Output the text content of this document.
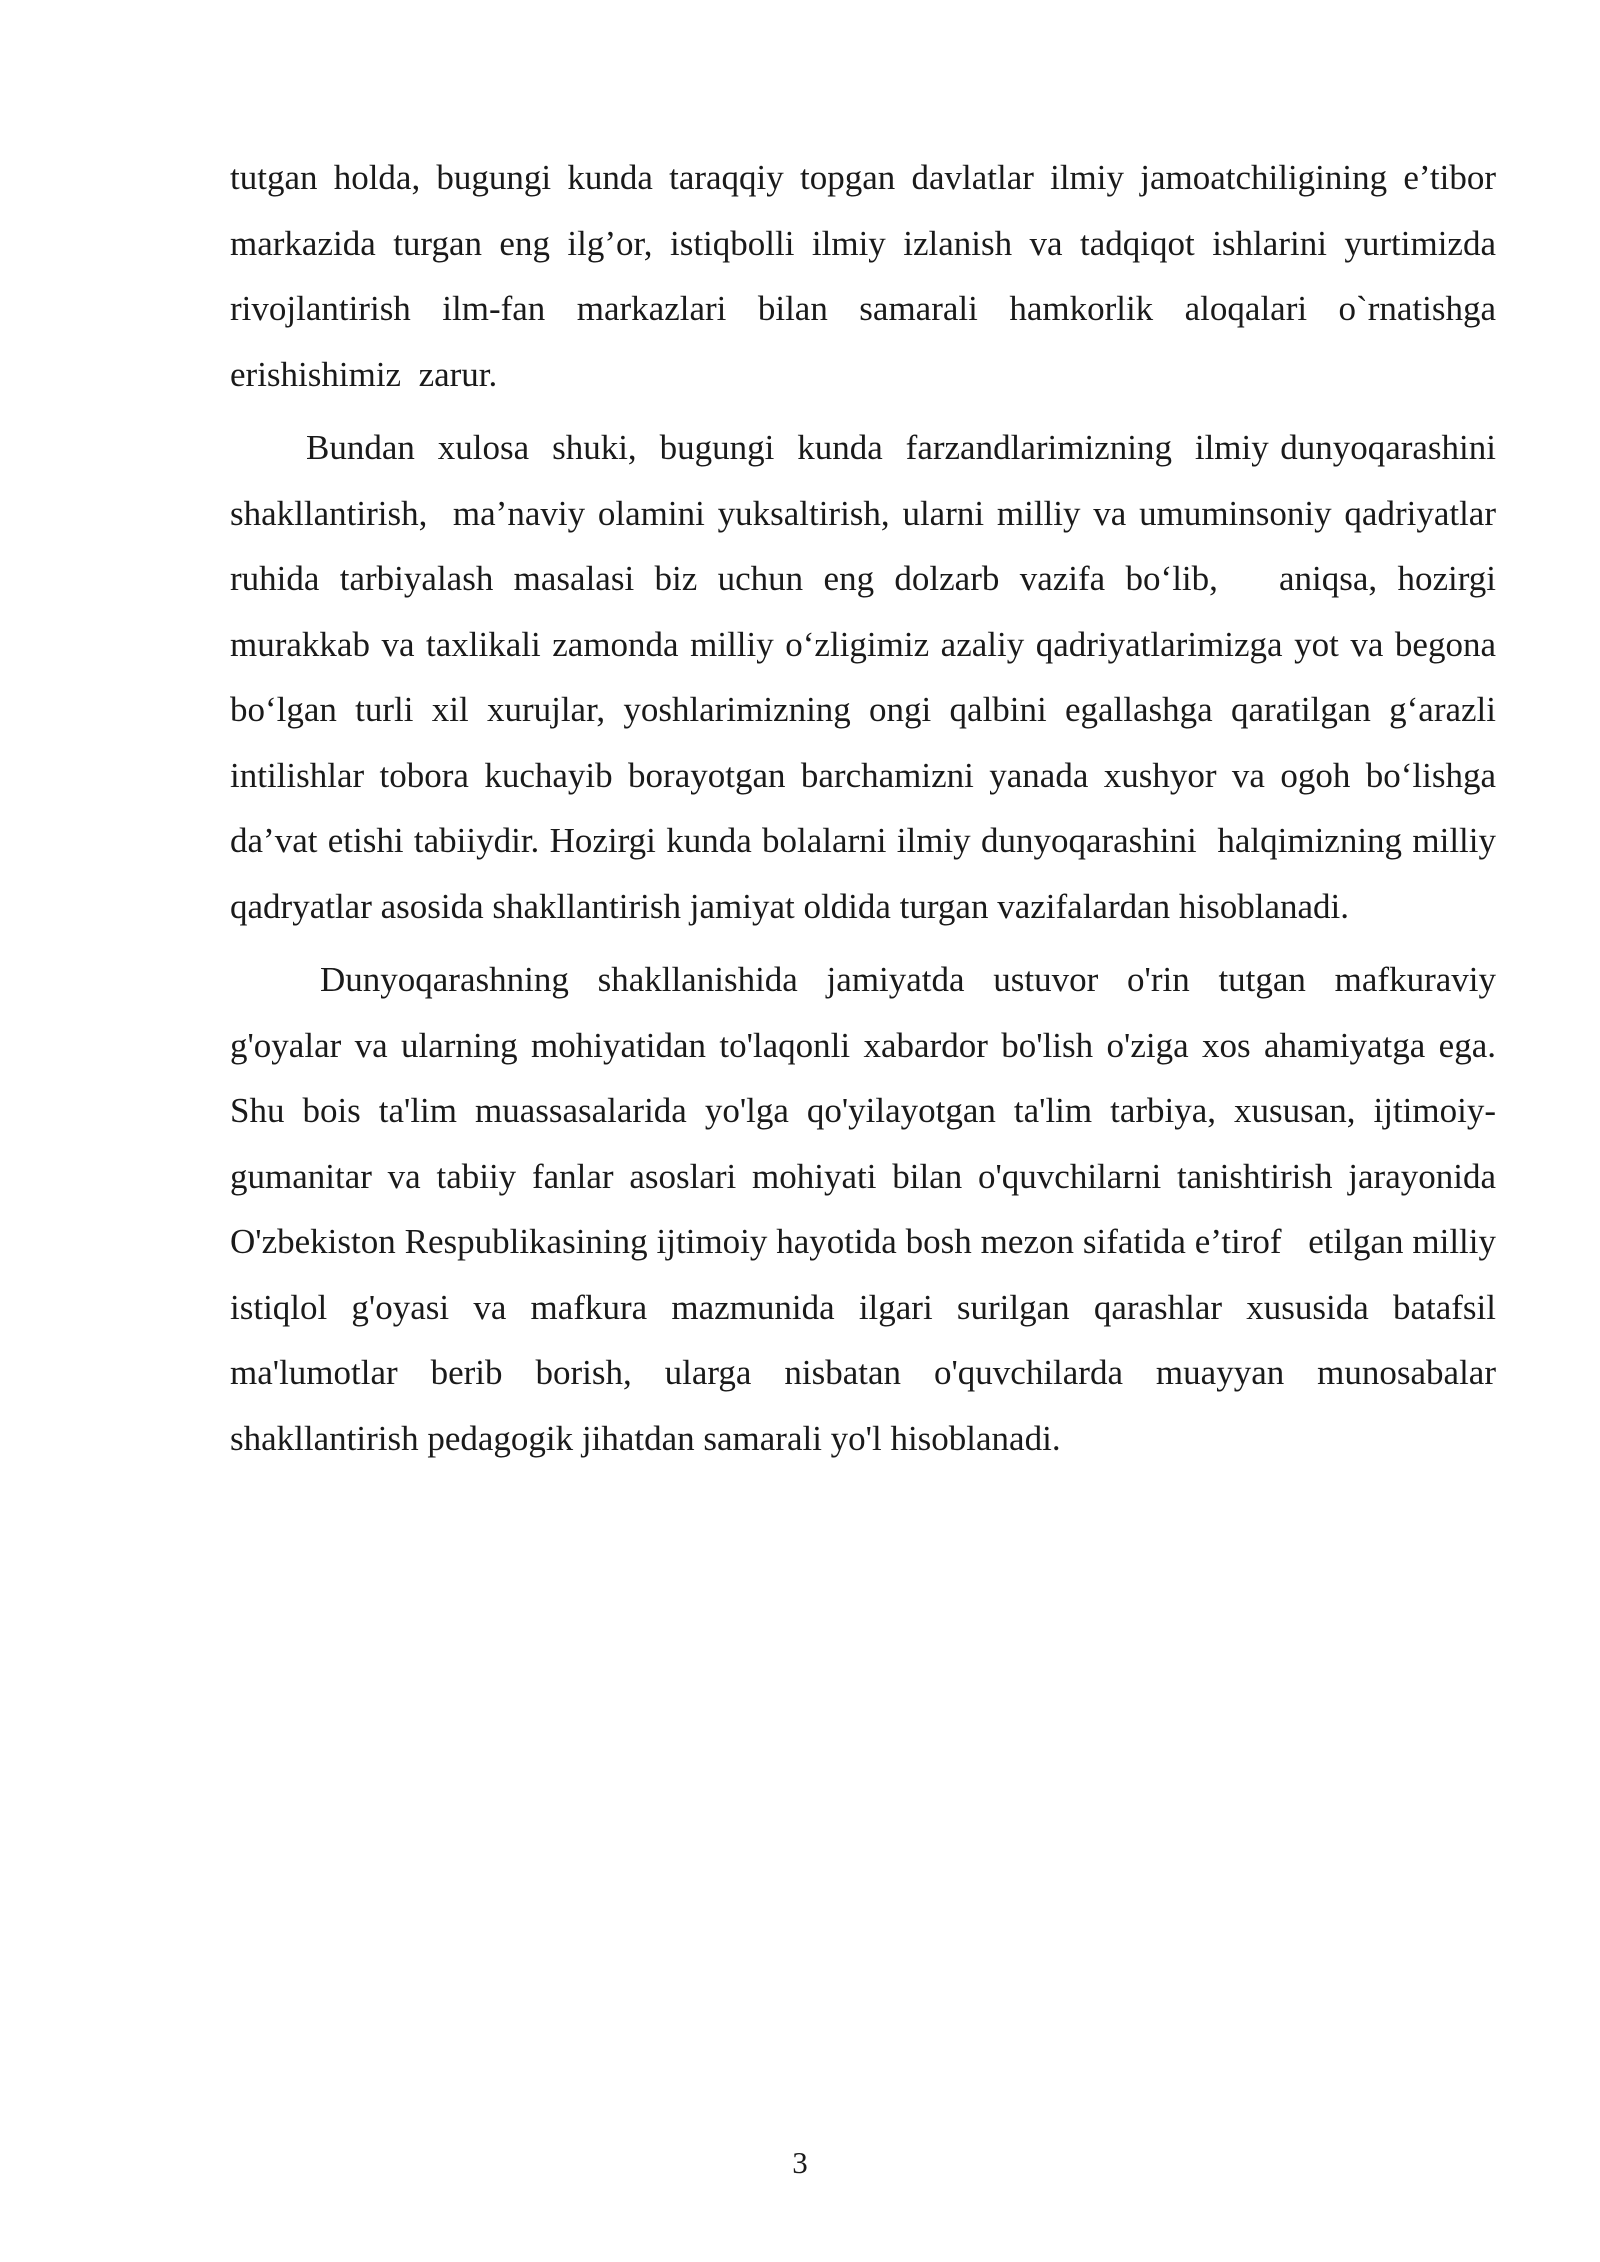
tutgan holda, bugungi kunda taraqqiy topgan davlatlar ilmiy jamoatchiligining e’tibor markazida turgan eng ilg’or, istiqbolli ilmiy izlanish va tadqiqot ishlarini yurtimizda rivojlantirish ilm-fan markazlari bilan samarali hamkorlik aloqalari o`rnatishga erishishimiz  zarur.

Bundan  xulosa  shuki,  bugungi  kunda  farzandlarimizning  ilmiy dunyoqarashini shakllantirish,  ma’naviy olamini yuksaltirish, ularni milliy va umuminsoniy qadriyatlar ruhida tarbiyalash masalasi biz uchun eng dolzarb vazifa bo‘lib,   aniqsa, hozirgi murakkab va taxlikali zamonda milliy o‘zligimiz azaliy qadriyatlarimizga yot va begona bo‘lgan turli xil xurujlar, yoshlarimizning ongi qalbini egallashga qaratilgan g‘arazli intilishlar tobora kuchayib borayotgan barchamizni yanada xushyor va ogoh bo‘lishga da’vat etishi tabiiydir. Hozirgi kunda bolalarni ilmiy dunyoqarashini  halqimizning milliy qadryatlar asosida shakllantirish jamiyat oldida turgan vazifalardan hisoblanadi.

Dunyoqarashning shakllanishida jamiyatda ustuvor o'rin tutgan mafkuraviy g'oyalar va ularning mohiyatidan to'laqonli xabardor bo'lish o'ziga xos ahamiyatga ega. Shu bois ta'lim muassasalarida yo'lga qo'yilayotgan ta'lim tarbiya, xususan, ijtimoiy-gumanitar va tabiiy fanlar asoslari mohiyati bilan o'quvchilarni tanishtirish jarayonida O'zbekiston Respublikasining ijtimoiy hayotida bosh mezon sifatida e’tirof   etilgan milliy istiqlol g'oyasi va mafkura mazmunida ilgari surilgan qarashlar xususida batafsil ma'lumotlar berib borish, ularga nisbatan o'quvchilarda muayyan munosabalar shakllantirish pedagogik jihatdan samarali yo'l hisoblanadi.

3
